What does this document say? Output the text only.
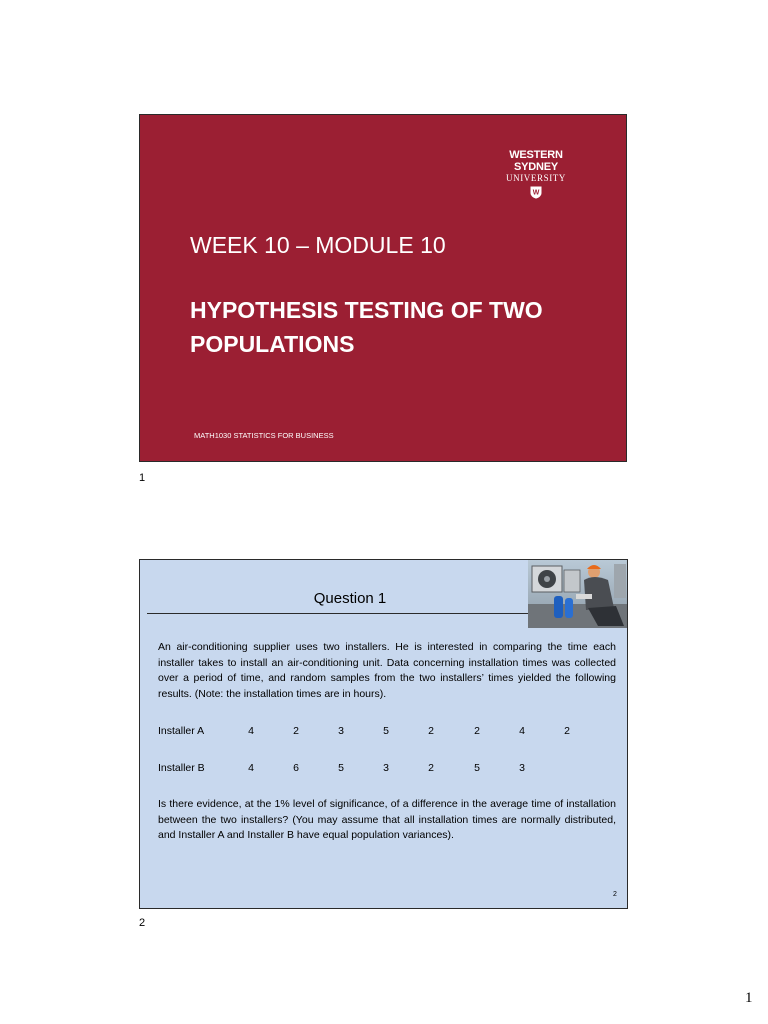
WESTERN SYDNEY
UNIVERSITY
W
WEEK 10 – MODULE 10
HYPOTHESIS TESTING OF TWO
POPULATIONS
MATH1030 STATISTICS FOR BUSINESS
1
Question 1
An air-conditioning supplier uses two installers. He is interested in comparing the time each installer takes to install an air-conditioning unit. Data concerning installation times was collected over a period of time, and random samples from the two installers’ times yielded the following results. (Note: the installation times are in hours).
Installer A	4	2	3	5	2	2	4	2
Installer B	4	6	5	3	2	5	3
Is there evidence, at the 1% level of significance, of a difference in the average time of installation between the two installers? (You may assume that all installation times are normally distributed, and Installer A and Installer B have equal population variances).
2
2
1
